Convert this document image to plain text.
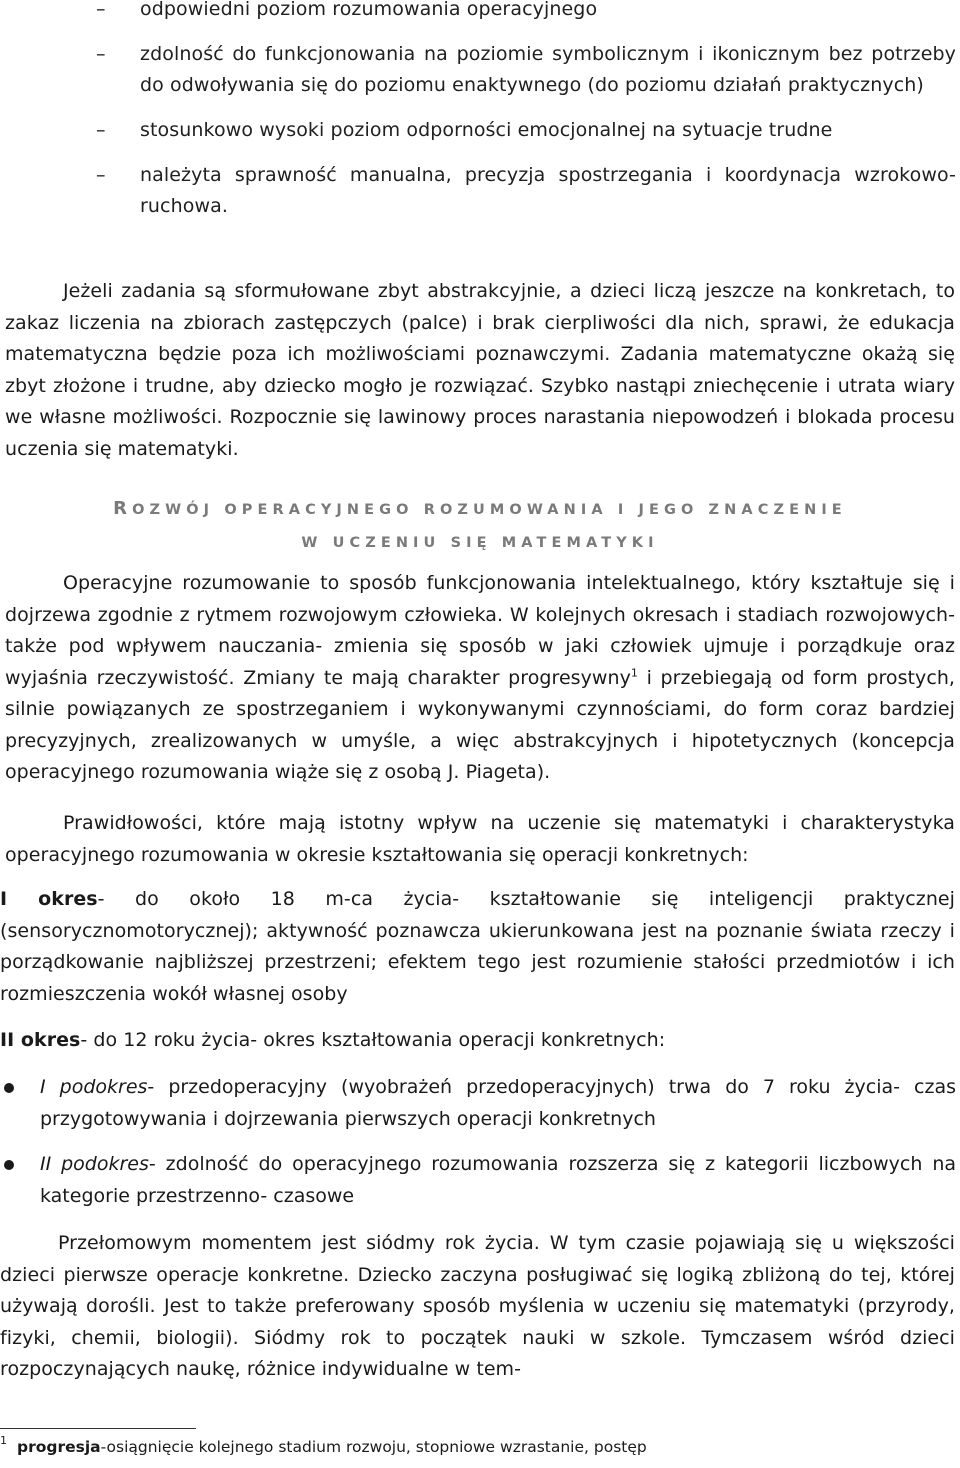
–	odpowiedni poziom rozumowania operacyjnego

–	zdolność do funkcjonowania na poziomie symbolicznym i ikonicznym bez potrzeby do odwoływania się do poziomu enaktywnego (do poziomu działań praktycznych)

–	stosunkowo wysoki poziom odporności emocjonalnej na sytuacje trudne

–	należyta sprawność manualna, precyzja spostrzegania i koordynacja wzrokowo- ruchowa.

Jeżeli zadania są sformułowane zbyt abstrakcyjnie, a dzieci liczą jeszcze na konkretach, to zakaz liczenia na zbiorach zastępczych (palce) i brak cierpliwości dla nich, sprawi, że edukacja matematyczna będzie poza ich możliwościami poznawczymi. Zadania matematyczne okażą się zbyt złożone i trudne, aby dziecko mogło je rozwiązać. Szybko nastąpi zniechęcenie i utrata wiary we własne możliwości. Rozpocznie się lawinowy proces narastania niepowodzeń i blokada procesu uczenia się matematyki.

ROZWÓJ OPERACYJNEGO ROZUMOWANIA I JEGO ZNACZENIE
W UCZENIU SIĘ MATEMATYKI

Operacyjne rozumowanie to sposób funkcjonowania intelektualnego, który kształtuje się i dojrzewa zgodnie z rytmem rozwojowym człowieka. W kolejnych okresach i stadiach rozwojowych- także pod wpływem nauczania- zmienia się sposób w jaki człowiek ujmuje i porządkuje oraz wyjaśnia rzeczywistość. Zmiany te mają charakter progresywny$^1$ i przebiegają od form prostych, silnie powiązanych ze spostrzeganiem i wykonywanymi czynnościami, do form coraz bardziej precyzyjnych, zrealizowanych w umyśle, a więc abstrakcyjnych i hipotetycznych (koncepcja operacyjnego rozumowania wiąże się z osobą J. Piageta).

Prawidłowości, które mają istotny wpływ na uczenie się matematyki i charakterystyka operacyjnego rozumowania w okresie kształtowania się operacji konkretnych:

I okres- do około 18 m-ca życia- kształtowanie się inteligencji praktycznej (sensorycznomotorycznej); aktywność poznawcza ukierunkowana jest na poznanie świata rzeczy i porządkowanie najbliższej przestrzeni; efektem tego jest rozumienie stałości przedmiotów i ich rozmieszczenia wokół własnej osoby

II okres- do 12 roku życia- okres kształtowania operacji konkretnych:

I podokres- przedoperacyjny (wyobrażeń przedoperacyjnych) trwa do 7 roku życia- czas przygotowywania i dojrzewania pierwszych operacji konkretnych

II podokres- zdolność do operacyjnego rozumowania rozszerza się z kategorii liczbowych na kategorie przestrzenno- czasowe

Przełomowym momentem jest siódmy rok życia. W tym czasie pojawiają się u większości dzieci pierwsze operacje konkretne. Dziecko zaczyna posługiwać się logiką zbliżoną do tej, której używają dorośli. Jest to także preferowany sposób myślenia w uczeniu się matematyki (przyrody, fizyki, chemii, biologii). Siódmy rok to początek nauki w szkole. Tymczasem wśród dzieci rozpoczynających naukę, różnice indywidualne w tem-

$^1$ progresja-osiągnięcie kolejnego stadium rozwoju, stopniowe wzrastanie, postęp
